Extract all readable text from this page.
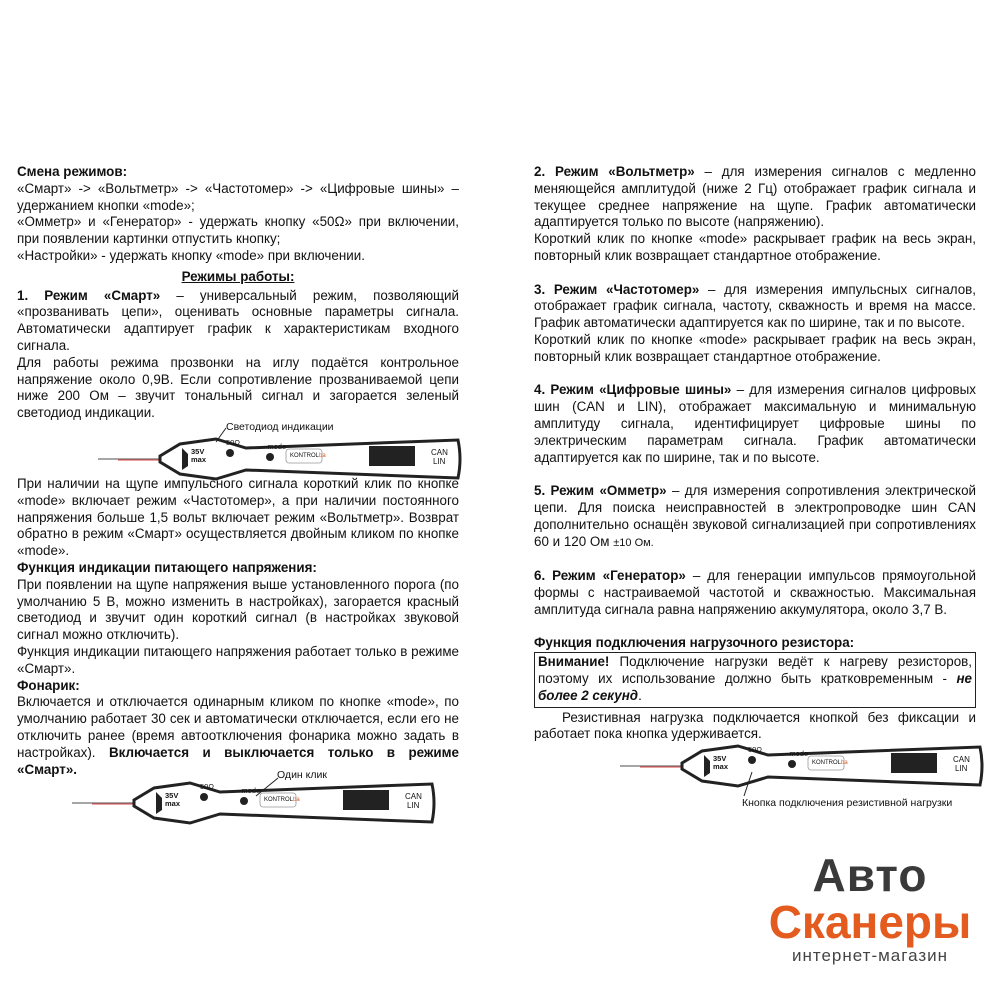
Смена режимов:

«Смарт» -> «Вольтметр» -> «Частотомер» -> «Цифровые шины» – удержанием кнопки «mode»;

«Омметр» и «Генератор» - удержать кнопку «50Ω» при включении, при появлении картинки отпустить кнопку;

«Настройки» - удержать кнопку «mode» при включении.

Режимы работы:

1. Режим «Смарт» – универсальный режим, позволяющий «прозванивать цепи», оценивать основные параметры сигнала. Автоматически адаптирует график к характеристикам входного сигнала.

Для работы режима прозвонки на иглу подаётся контрольное напряжение около 0,9В. Если сопротивление прозваниваемой цепи ниже 200 Ом – звучит тональный сигнал и загорается зеленый светодиод индикации.

При наличии на щупе импульсного сигнала короткий клик по кнопке «mode» включает режим «Частотомер», а при наличии постоянного напряжения больше 1,5 вольт включает режим «Вольтметр». Возврат обратно в режим «Смарт» осуществляется двойным кликом по кнопке «mode».

Функция индикации питающего напряжения:

При появлении на щупе напряжения выше установленного порога (по умолчанию 5 В, можно изменить в настройках), загорается красный светодиод и звучит один короткий сигнал (в настройках звуковой сигнал можно отключить).

Функция индикации питающего напряжения работает только в режиме «Смарт».

Фонарик:

Включается и отключается одинарным кликом по кнопке «mode», по умолчанию работает 30 сек и автоматически отключается, если его не отключить ранее (время автоотключения фонарика можно задать в настройках). Включается и выключается только в режиме «Смарт».

2. Режим «Вольтметр» – для измерения сигналов с медленно меняющейся амплитудой (ниже 2 Гц) отображает график сигнала и текущее среднее напряжение на щупе. График автоматически адаптируется только по высоте (напряжению).

Короткий клик по кнопке «mode» раскрывает график на весь экран, повторный клик возвращает стандартное отображение.

3. Режим «Частотомер» – для измерения импульсных сигналов, отображает график сигнала, частоту, скважность и время на массе. График автоматически адаптируется как по ширине, так и по высоте.

Короткий клик по кнопке «mode» раскрывает график на весь экран, повторный клик возвращает стандартное отображение.

4. Режим «Цифровые шины» – для измерения сигналов цифровых шин (CAN и LIN), отображает максимальную и минимальную амплитуду сигнала, идентифицирует цифровые шины по электрическим параметрам сигнала. График автоматически адаптируется как по ширине, так и по высоте.

5. Режим «Омметр» – для измерения сопротивления электрической цепи. Для поиска неисправностей в электропроводке шин CAN дополнительно оснащён звуковой сигнализацией при сопротивлениях 60 и 120 Ом ±10 Ом.

6. Режим «Генератор» – для генерации импульсов прямоугольной формы с настраиваемой частотой и скважностью. Максимальная амплитуда сигнала равна напряжению аккумулятора, около 3,7 В.

Функция подключения нагрузочного резистора:

Внимание! Подключение нагрузки ведёт к нагреву резисторов, поэтому их использование должно быть кратковременным - не более 2 секунд.

Резистивная нагрузка подключается кнопкой без фиксации и работает пока кнопка удерживается.

35V
max
50Ω	~mode
KONTROLba	CAN
LIN
Светодиод индикации
35V
max
50Ω	~mode
KONTROLba	CAN
LIN
Один клик
35V
max
50Ω	~mode
KONTROLba	CAN
LIN
Кнопка подключения резистивной нагрузки
Авто
Сканеры
интернет-магазин
